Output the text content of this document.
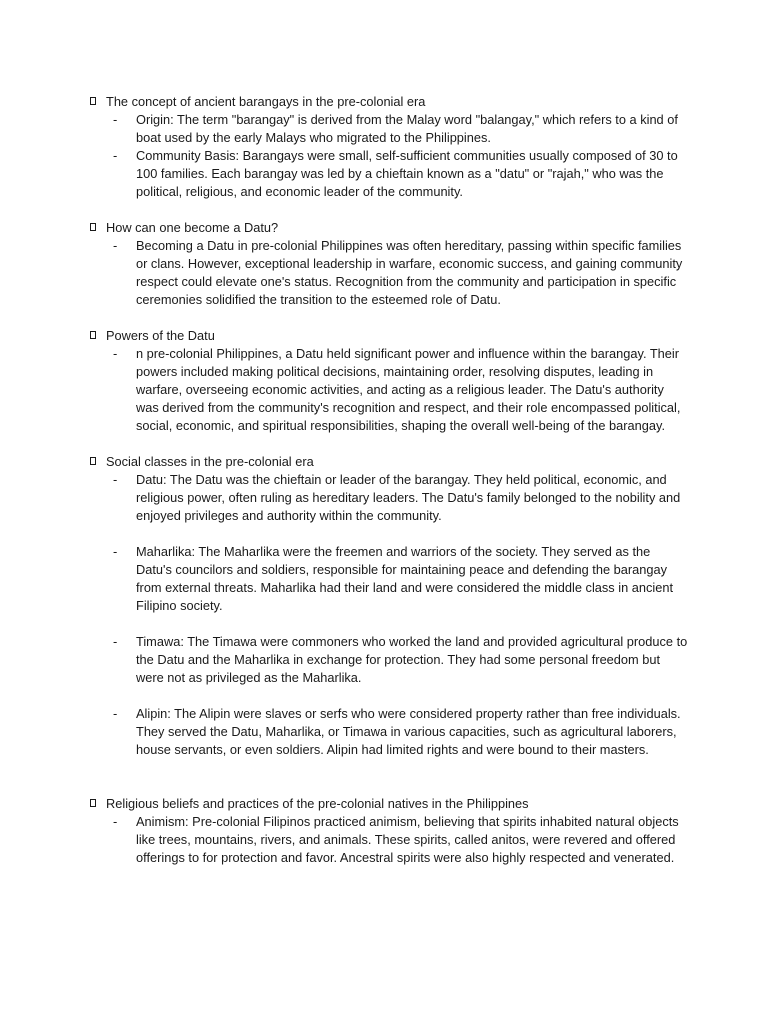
The concept of ancient barangays in the pre-colonial era
- Origin: The term "barangay" is derived from the Malay word "balangay," which refers to a kind of boat used by the early Malays who migrated to the Philippines.
- Community Basis: Barangays were small, self-sufficient communities usually composed of 30 to 100 families. Each barangay was led by a chieftain known as a "datu" or "rajah," who was the political, religious, and economic leader of the community.
How can one become a Datu?
- Becoming a Datu in pre-colonial Philippines was often hereditary, passing within specific families or clans. However, exceptional leadership in warfare, economic success, and gaining community respect could elevate one's status. Recognition from the community and participation in specific ceremonies solidified the transition to the esteemed role of Datu.
Powers of the Datu
- n pre-colonial Philippines, a Datu held significant power and influence within the barangay. Their powers included making political decisions, maintaining order, resolving disputes, leading in warfare, overseeing economic activities, and acting as a religious leader. The Datu's authority was derived from the community's recognition and respect, and their role encompassed political, social, economic, and spiritual responsibilities, shaping the overall well-being of the barangay.
Social classes in the pre-colonial era
- Datu: The Datu was the chieftain or leader of the barangay. They held political, economic, and religious power, often ruling as hereditary leaders. The Datu's family belonged to the nobility and enjoyed privileges and authority within the community.
- Maharlika: The Maharlika were the freemen and warriors of the society. They served as the Datu's councilors and soldiers, responsible for maintaining peace and defending the barangay from external threats. Maharlika had their land and were considered the middle class in ancient Filipino society.
- Timawa: The Timawa were commoners who worked the land and provided agricultural produce to the Datu and the Maharlika in exchange for protection. They had some personal freedom but were not as privileged as the Maharlika.
- Alipin: The Alipin were slaves or serfs who were considered property rather than free individuals. They served the Datu, Maharlika, or Timawa in various capacities, such as agricultural laborers, house servants, or even soldiers. Alipin had limited rights and were bound to their masters.
Religious beliefs and practices of the pre-colonial natives in the Philippines
- Animism: Pre-colonial Filipinos practiced animism, believing that spirits inhabited natural objects like trees, mountains, rivers, and animals. These spirits, called anitos, were revered and offered offerings to for protection and favor. Ancestral spirits were also highly respected and venerated.
